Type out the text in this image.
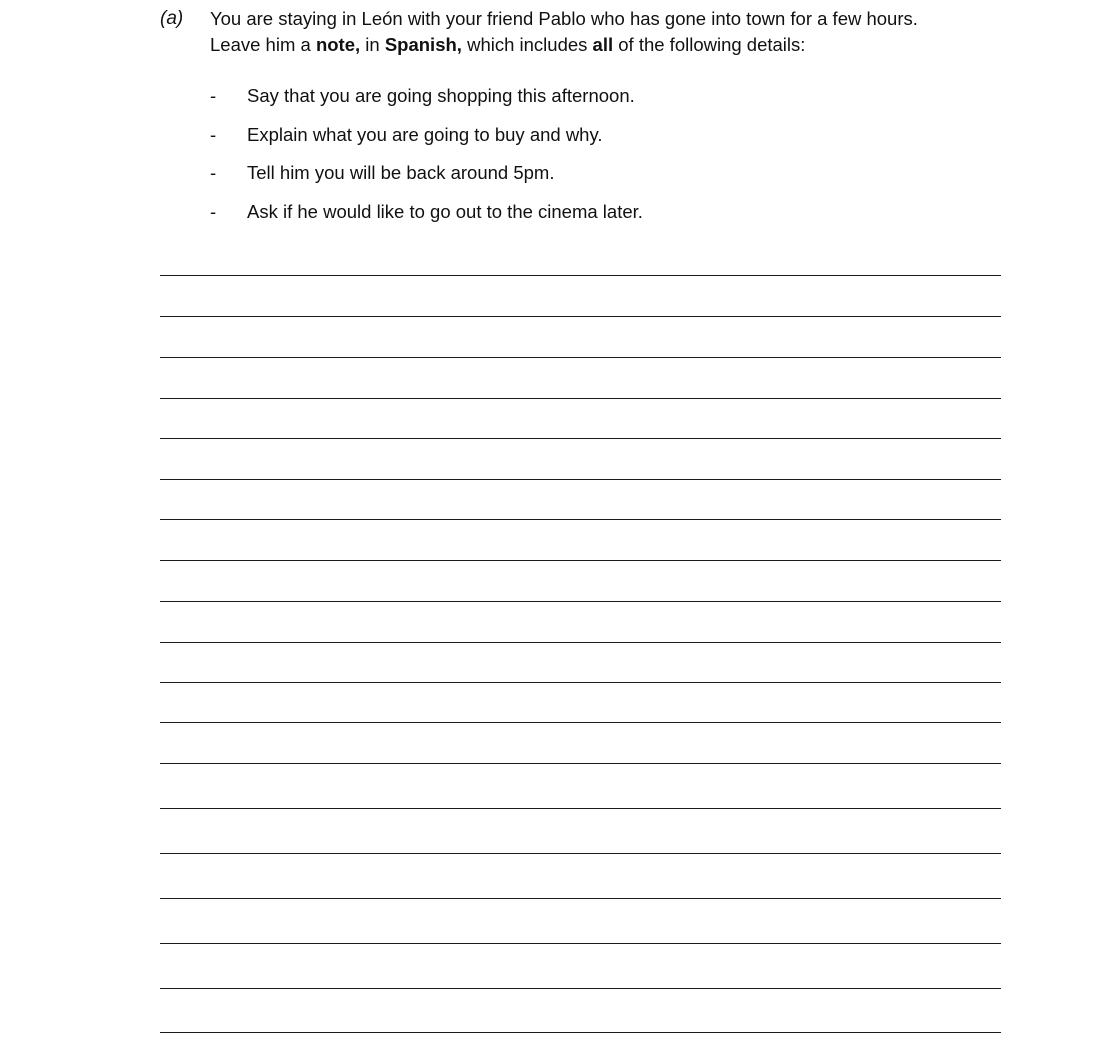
(a) You are staying in León with your friend Pablo who has gone into town for a few hours.
Leave him a note, in Spanish, which includes all of the following details:
- Say that you are going shopping this afternoon.
- Explain what you are going to buy and why.
- Tell him you will be back around 5pm.
- Ask if he would like to go out to the cinema later.
